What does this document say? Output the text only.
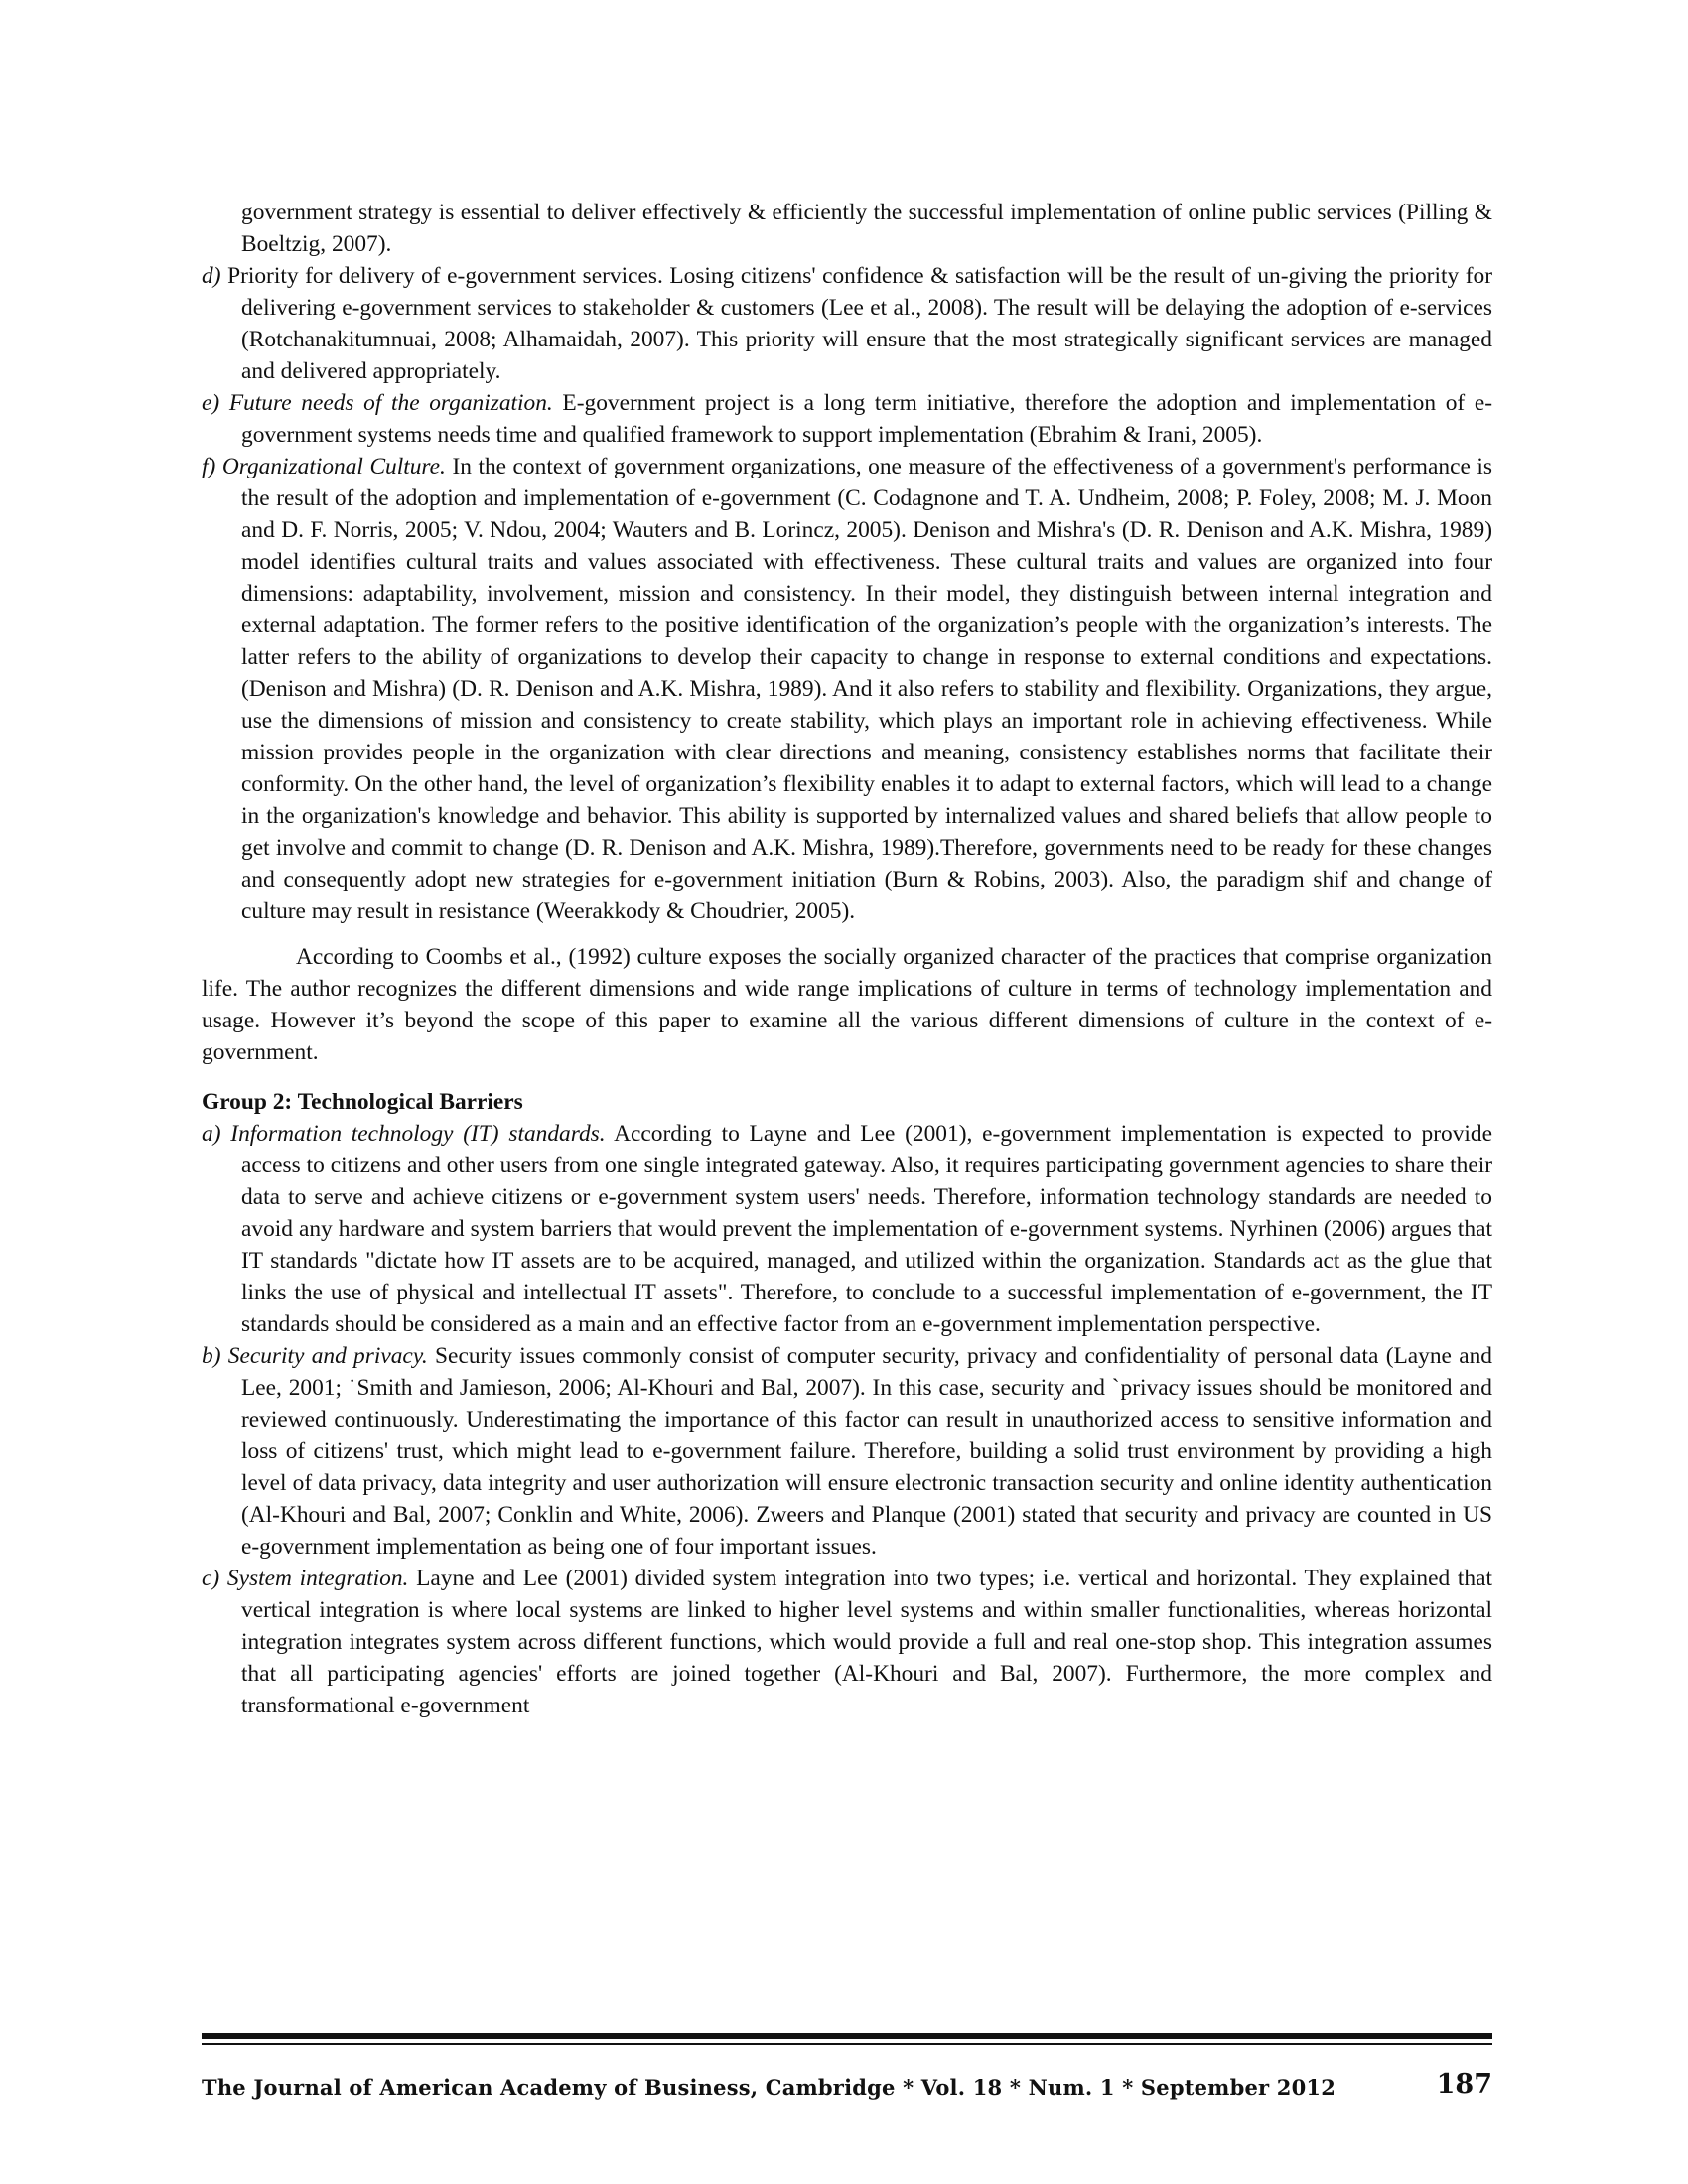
government strategy is essential to deliver effectively & efficiently the successful implementation of online public services (Pilling & Boeltzig, 2007).

d) Priority for delivery of e-government services. Losing citizens' confidence & satisfaction will be the result of un-giving the priority for delivering e-government services to stakeholder & customers (Lee et al., 2008). The result will be delaying the adoption of e-services (Rotchanakitumnuai, 2008; Alhamaidah, 2007). This priority will ensure that the most strategically significant services are managed and delivered appropriately.

e) Future needs of the organization. E-government project is a long term initiative, therefore the adoption and implementation of e-government systems needs time and qualified framework to support implementation (Ebrahim & Irani, 2005).

f) Organizational Culture. In the context of government organizations, one measure of the effectiveness of a government's performance is the result of the adoption and implementation of e-government (C. Codagnone and T. A. Undheim, 2008; P. Foley, 2008; M. J. Moon and D. F. Norris, 2005; V. Ndou, 2004; Wauters and B. Lorincz, 2005). Denison and Mishra's (D. R. Denison and A.K. Mishra, 1989) model identifies cultural traits and values associated with effectiveness. These cultural traits and values are organized into four dimensions: adaptability, involvement, mission and consistency. In their model, they distinguish between internal integration and external adaptation. The former refers to the positive identification of the organization’s people with the organization’s interests. The latter refers to the ability of organizations to develop their capacity to change in response to external conditions and expectations. (Denison and Mishra) (D. R. Denison and A.K. Mishra, 1989). And it also refers to stability and flexibility. Organizations, they argue, use the dimensions of mission and consistency to create stability, which plays an important role in achieving effectiveness. While mission provides people in the organization with clear directions and meaning, consistency establishes norms that facilitate their conformity. On the other hand, the level of organization’s flexibility enables it to adapt to external factors, which will lead to a change in the organization's knowledge and behavior. This ability is supported by internalized values and shared beliefs that allow people to get involve and commit to change (D. R. Denison and A.K. Mishra, 1989).Therefore, governments need to be ready for these changes and consequently adopt new strategies for e-government initiation (Burn & Robins, 2003). Also, the paradigm shif and change of culture may result in resistance (Weerakkody & Choudrier, 2005).

According to Coombs et al., (1992) culture exposes the socially organized character of the practices that comprise organization life. The author recognizes the different dimensions and wide range implications of culture in terms of technology implementation and usage. However it’s beyond the scope of this paper to examine all the various different dimensions of culture in the context of e-government.

Group 2: Technological Barriers

a) Information technology (IT) standards. According to Layne and Lee (2001), e-government implementation is expected to provide access to citizens and other users from one single integrated gateway. Also, it requires participating government agencies to share their data to serve and achieve citizens or e-government system users' needs. Therefore, information technology standards are needed to avoid any hardware and system barriers that would prevent the implementation of e-government systems. Nyrhinen (2006) argues that IT standards "dictate how IT assets are to be acquired, managed, and utilized within the organization. Standards act as the glue that links the use of physical and intellectual IT assets". Therefore, to conclude to a successful implementation of e-government, the IT standards should be considered as a main and an effective factor from an e-government implementation perspective.

b) Security and privacy. Security issues commonly consist of computer security, privacy and confidentiality of personal data (Layne and Lee, 2001; ˙Smith and Jamieson, 2006; Al-Khouri and Bal, 2007). In this case, security and ˋprivacy issues should be monitored and reviewed continuously. Underestimating the importance of this factor can result in unauthorized access to sensitive information and loss of citizens' trust, which might lead to e-government failure. Therefore, building a solid trust environment by providing a high level of data privacy, data integrity and user authorization will ensure electronic transaction security and online identity authentication (Al-Khouri and Bal, 2007; Conklin and White, 2006). Zweers and Planque (2001) stated that security and privacy are counted in US e-government implementation as being one of four important issues.

c) System integration. Layne and Lee (2001) divided system integration into two types; i.e. vertical and horizontal. They explained that vertical integration is where local systems are linked to higher level systems and within smaller functionalities, whereas horizontal integration integrates system across different functions, which would provide a full and real one-stop shop. This integration assumes that all participating agencies' efforts are joined together (Al-Khouri and Bal, 2007). Furthermore, the more complex and transformational e-government

The Journal of American Academy of Business, Cambridge * Vol. 18 * Num. 1 * September 2012	187
